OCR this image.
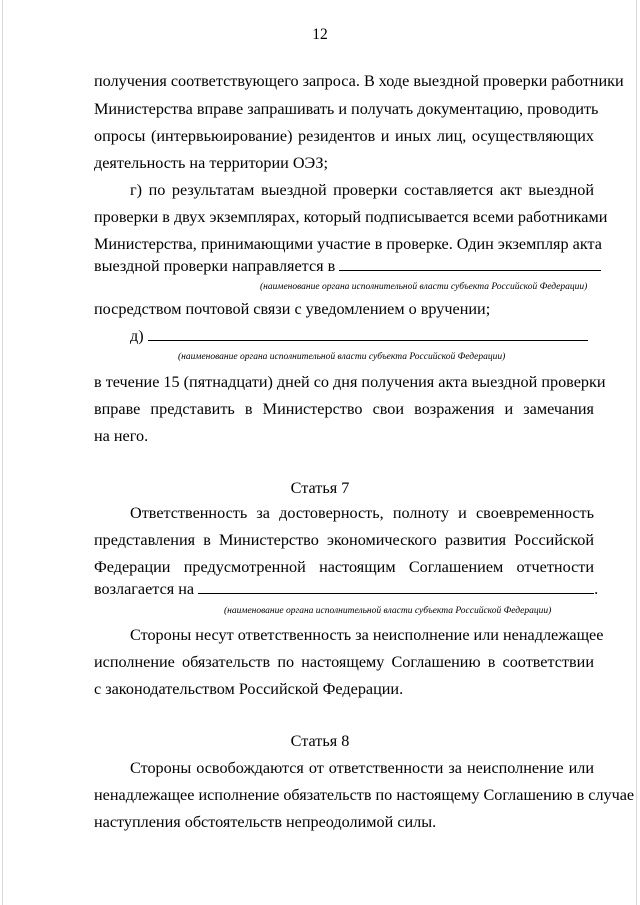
12
получения соответствующего запроса. В ходе выездной проверки работники
Министерства вправе запрашивать и получать документацию, проводить
опросы (интервьюирование) резидентов и иных лиц, осуществляющих
деятельность на территории ОЭЗ;
г) по результатам выездной проверки составляется акт выездной
проверки в двух экземплярах, который подписывается всеми работниками
Министерства, принимающими участие в проверке. Один экземпляр акта
выездной проверки направляется в
(наименование органа исполнительной власти субъекта Российской Федерации)
посредством почтовой связи с уведомлением о вручении;
д)
(наименование органа исполнительной власти субъекта Российской Федерации)
в течение 15 (пятнадцати) дней со дня получения акта выездной проверки
вправе представить в Министерство свои возражения и замечания
на него.
Статья 7
Ответственность за достоверность, полноту и своевременность
представления в Министерство экономического развития Российской
Федерации предусмотренной настоящим Соглашением отчетности
возлагается на	.
(наименование органа исполнительной власти субъекта Российской Федерации)
Стороны несут ответственность за неисполнение или ненадлежащее
исполнение обязательств по настоящему Соглашению в соответствии
с законодательством Российской Федерации.
Статья 8
Стороны освобождаются от ответственности за неисполнение или
ненадлежащее исполнение обязательств по настоящему Соглашению в случае
наступления обстоятельств непреодолимой силы.
